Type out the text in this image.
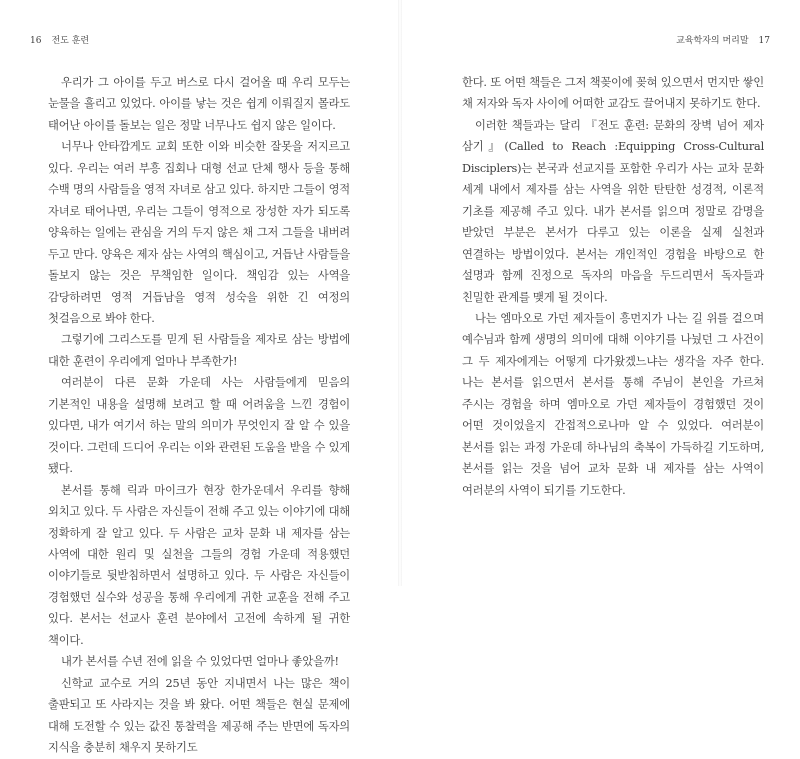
16 전도 훈련

우리가 그 아이를 두고 버스로 다시 걸어올 때 우리 모두는 눈물을 흘리고 있었다. 아이를 낳는 것은 쉽게 이뤄질지 몰라도 태어난 아이를 돌보는 일은 정말 너무나도 쉽지 않은 일이다.

너무나 안타깝게도 교회 또한 이와 비슷한 잘못을 저지르고 있다. 우리는 여러 부흥 집회나 대형 선교 단체 행사 등을 통해 수백 명의 사람들을 영적 자녀로 삼고 있다. 하지만 그들이 영적 자녀로 태어나면, 우리는 그들이 영적으로 장성한 자가 되도록 양육하는 일에는 관심을 거의 두지 않은 채 그저 그들을 내버려 두고 만다. 양육은 제자 삼는 사역의 핵심이고, 거듭난 사람들을 돌보지 않는 것은 무책임한 일이다. 책임감 있는 사역을 감당하려면 영적 거듭남을 영적 성숙을 위한 긴 여정의 첫걸음으로 봐야 한다.

그렇기에 그리스도를 믿게 된 사람들을 제자로 삼는 방법에 대한 훈련이 우리에게 얼마나 부족한가!

여러분이 다른 문화 가운데 사는 사람들에게 믿음의 기본적인 내용을 설명해 보려고 할 때 어려움을 느낀 경험이 있다면, 내가 여기서 하는 말의 의미가 무엇인지 잘 알 수 있을 것이다. 그런데 드디어 우리는 이와 관련된 도움을 받을 수 있게 됐다.

본서를 통해 릭과 마이크가 현장 한가운데서 우리를 향해 외치고 있다. 두 사람은 자신들이 전해 주고 있는 이야기에 대해 정확하게 잘 알고 있다. 두 사람은 교차 문화 내 제자를 삼는 사역에 대한 원리 및 실천을 그들의 경험 가운데 적용했던 이야기들로 뒷받침하면서 설명하고 있다. 두 사람은 자신들이 경험했던 실수와 성공을 통해 우리에게 귀한 교훈을 전해 주고 있다. 본서는 선교사 훈련 분야에서 고전에 속하게 될 귀한 책이다.

내가 본서를 수년 전에 읽을 수 있었다면 얼마나 좋았을까!

신학교 교수로 거의 25년 동안 지내면서 나는 많은 책이 출판되고 또 사라지는 것을 봐 왔다. 어떤 책들은 현실 문제에 대해 도전할 수 있는 값진 통찰력을 제공해 주는 반면에 독자의 지식을 충분히 채우지 못하기도

교육학자의 머리말 17

한다. 또 어떤 책들은 그저 책꽂이에 꽂혀 있으면서 먼지만 쌓인 채 저자와 독자 사이에 어떠한 교감도 끌어내지 못하기도 한다.

이러한 책들과는 달리 『전도 훈련: 문화의 장벽 넘어 제자 삼기』(Called to Reach :Equipping Cross-Cultural Disciplers)는 본국과 선교지를 포함한 우리가 사는 교차 문화 세계 내에서 제자를 삼는 사역을 위한 탄탄한 성경적, 이론적 기초를 제공해 주고 있다. 내가 본서를 읽으며 정말로 감명을 받았던 부분은 본서가 다루고 있는 이론을 실제 실천과 연결하는 방법이었다. 본서는 개인적인 경험을 바탕으로 한 설명과 함께 진정으로 독자의 마음을 두드리면서 독자들과 친밀한 관계를 맺게 될 것이다.

나는 엠마오로 가던 제자들이 흥먼지가 나는 길 위를 걸으며 예수님과 함께 생명의 의미에 대해 이야기를 나눴던 그 사건이 그 두 제자에게는 어떻게 다가왔겠느냐는 생각을 자주 한다. 나는 본서를 읽으면서 본서를 통해 주님이 본인을 가르쳐 주시는 경험을 하며 엠마오로 가던 제자들이 경험했던 것이 어떤 것이었을지 간접적으로나마 알 수 있었다. 여러분이 본서를 읽는 과정 가운데 하나님의 축복이 가득하길 기도하며, 본서를 읽는 것을 넘어 교차 문화 내 제자를 삼는 사역이 여러분의 사역이 되기를 기도한다.
